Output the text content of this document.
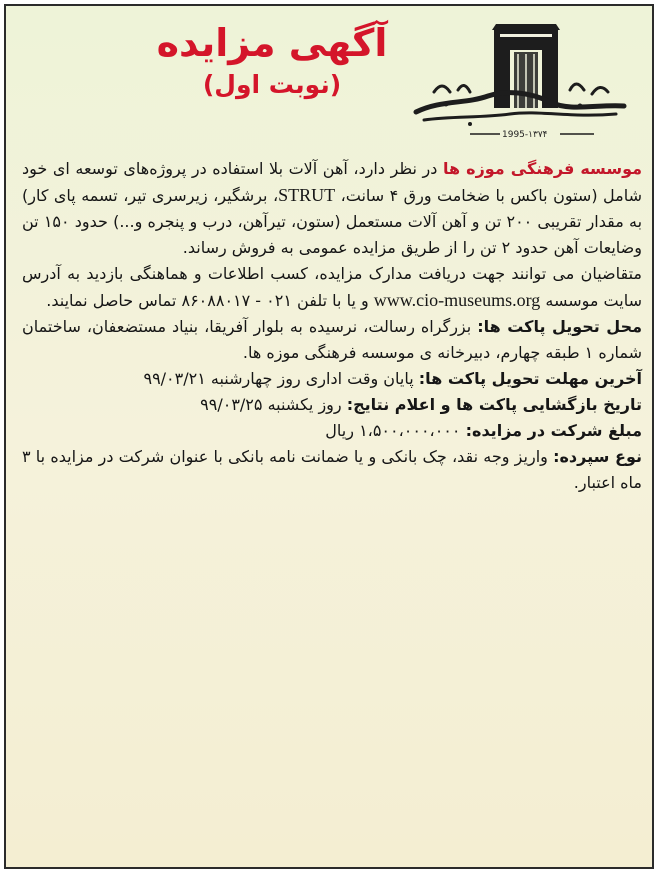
1995-۱۳۷۴
آگهی مزایده
(نوبت اول)

موسسه فرهنگی موزه ها در نظر دارد، آهن آلات بلا استفاده در پروژه‌های توسعه ای خود شامل (ستون باکس با ضخامت ورق ۴ سانت، STRUT، برشگیر، زیرسری تیر، تسمه پای کار) به مقدار تقریبی ۲۰۰ تن و آهن آلات مستعمل (ستون، تیرآهن، درب و پنجره و...) حدود ۱۵۰ تن وضایعات آهن حدود ۲ تن را از طریق مزایده عمومی به فروش رساند.

متقاضیان می توانند جهت دریافت مدارک مزایده، کسب اطلاعات و هماهنگی بازدید به آدرس سایت موسسه www.cio-museums.org و یا با تلفن ۰۲۱ - ۸۶۰۸۸۰۱۷ تماس حاصل نمایند.

محل تحویل پاکت ها: بزرگراه رسالت، نرسیده به بلوار آفریقا، بنیاد مستضعفان، ساختمان شماره ۱ طبقه چهارم، دبیرخانه ی موسسه فرهنگی موزه ها.

آخرین مهلت تحویل پاکت ها: پایان وقت اداری روز چهارشنبه ۹۹/۰۳/۲۱

تاریخ بازگشایی پاکت ها و اعلام نتایج: روز یکشنبه ۹۹/۰۳/۲۵

مبلغ شرکت در مزایده: ۱،۵۰۰،۰۰۰،۰۰۰ ریال

نوع سپرده: واریز وجه نقد، چک بانکی و یا ضمانت نامه بانکی با عنوان شرکت در مزایده با ۳ ماه اعتبار.
